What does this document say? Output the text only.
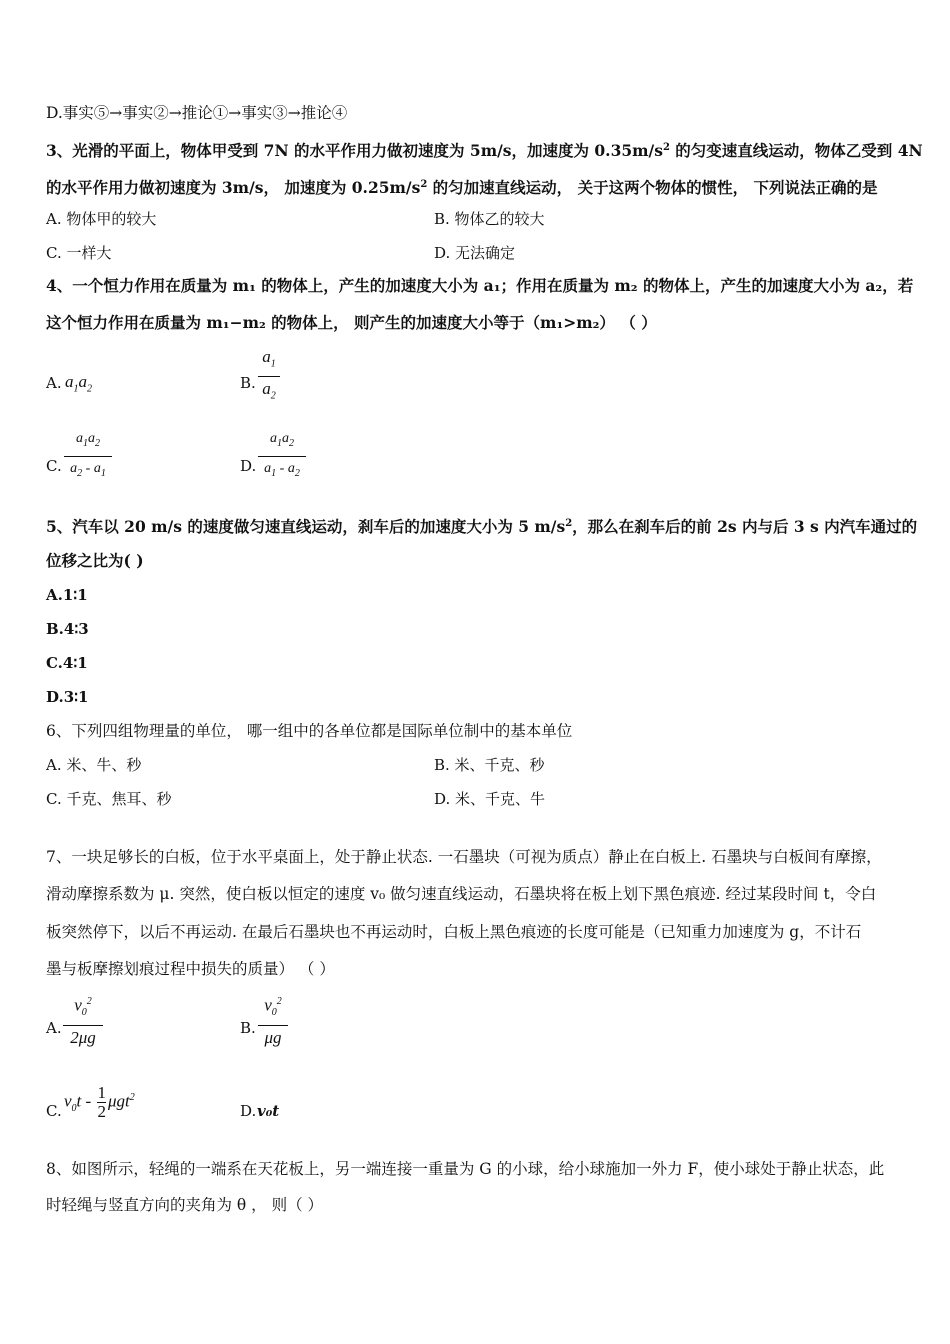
D.事实⑤→事实②→推论①→事实③→推论④
3、光滑的平面上，物体甲受到 7N 的水平作用力做初速度为 5m/s，加速度为 $0.35m/s^2$ 的匀变速直线运动，物体乙受到 4N
的水平作用力做初速度为 3m/s， 加速度为 $0.25m/s^2$ 的匀加速直线运动， 关于这两个物体的惯性， 下列说法正确的是
A. 物体甲的较大	B. 物体乙的较大
C. 一样大	D. 无法确定
4、一个恒力作用在质量为 m₁ 的物体上，产生的加速度大小为 a₁；作用在质量为 m₂ 的物体上，产生的加速度大小为 a₂，若
这个恒力作用在质量为 m₁−m₂ 的物体上， 则产生的加速度大小等于（m₁>m₂） （ ）
A. $a_1a_2$	B.
$a_1$
$a_2$
C.
$a_1a_2$
$a_2 - a_1$	D.
$a_1a_2$
$a_1 - a_2$
5、汽车以 20 m/s 的速度做匀速直线运动，刹车后的加速度大小为 5 $m/s^2$，那么在刹车后的前 2s 内与后 3 s 内汽车通过的
位移之比为( )
A.1∶1
B.4∶3
C.4∶1
D.3∶1
6、下列四组物理量的单位， 哪一组中的各单位都是国际单位制中的基本单位
A. 米、牛、秒	B. 米、千克、秒
C. 千克、焦耳、秒	D. 米、千克、牛
7、一块足够长的白板，位于水平桌面上，处于静止状态. 一石墨块（可视为质点）静止在白板上. 石墨块与白板间有摩擦，
滑动摩擦系数为 μ. 突然，使白板以恒定的速度 v₀ 做匀速直线运动，石墨块将在板上划下黑色痕迹. 经过某段时间 t，令白
板突然停下，以后不再运动. 在最后石墨块也不再运动时，白板上黑色痕迹的长度可能是（已知重力加速度为 g，不计石
墨与板摩擦划痕过程中损失的质量） （ ）
A.
$v_0^2$
2μg
B.
$v_0^2$
μg
C.
$v_0t - \frac{1}{2} \mu gt^2$
D. v₀t
8、如图所示，轻绳的一端系在天花板上，另一端连接一重量为 G 的小球，给小球施加一外力 F，使小球处于静止状态，此
时轻绳与竖直方向的夹角为 θ ， 则（ ）
